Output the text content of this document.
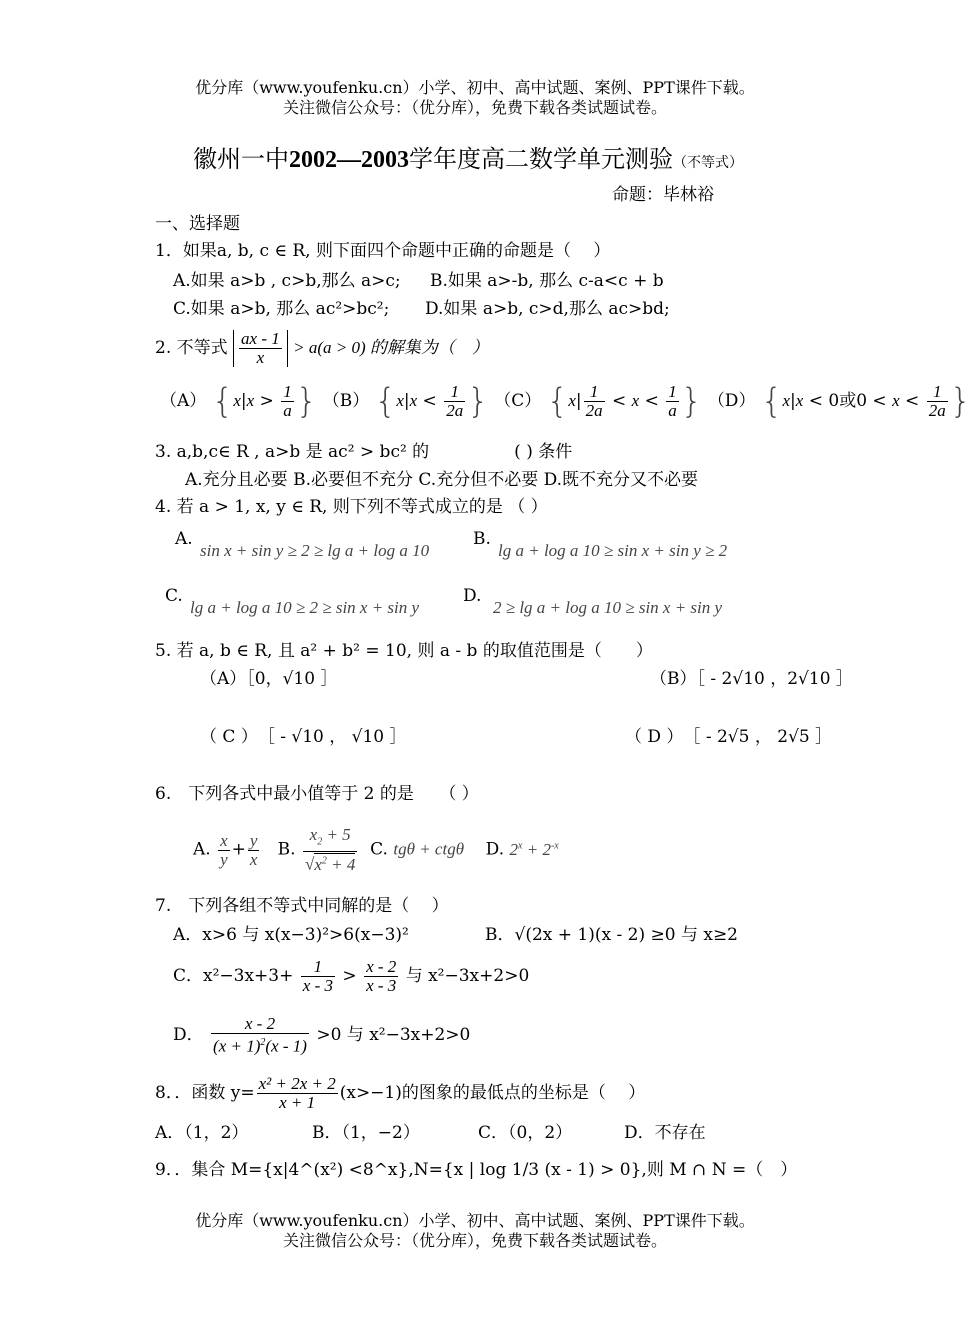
优分库（www.youfenku.cn）小学、初中、高中试题、案例、PPT课件下载。
关注微信公众号：（优分库），免费下载各类试题试卷。
徽州一中2002—2003学年度高二数学单元测验（不等式）
命题：毕林裕
一、选择题
1．如果a, b, c ∈ R, 则下面四个命题中正确的命题是（　 ）
A.如果 a>b , c>b,那么 a>c; B.如果 a>-b, 那么 c-a<c + b
C.如果 a>b, 那么 ac²>bc²; D.如果 a>b, c>d,那么 ac>bd;
2. 不等式 $\frac{ax - 1}{x} > a(a > 0)$ 的解集为（　）
（A） {$x|x > \frac{1}{a}$ } （B） {$x|x < \frac{1}{2a}$ } （C） {$x| \frac{1}{2a} < x < \frac{1}{a}$ } （D） {x|x < 0或$0 < x < \frac{1}{2a}$ }
3. a,b,c∈ R , a>b 是 ac² > bc² 的　　　　　( ) 条件
A.充分且必要 B.必要但不充分 C.充分但不必要 D.既不充分又不必要
4. 若 a > 1, x, y ∈ R, 则下列不等式成立的是 （ ）
A.
sin x + sin y ≥ 2 ≥ lg a + log a 10
B.
lg a + log a 10 ≥ sin x + sin y ≥ 2
C.
lg a + log a 10 ≥ 2 ≥ sin x + sin y
D.
2 ≥ lg a + log a 10 ≥ sin x + sin y
5. 若 a, b ∈ R, 且 a² + b² = 10, 则 a - b 的取值范围是（　　）
（A）［0，√10 ］	（B）［ - 2√10 ，2√10 ］
（ C ）　［ - √10 ， √10 ］	（ D ）　［ - 2√5 ， 2√5 ］
6.　下列各式中最小值等于 2 的是　　（ ）
A. $\frac{x}{y} + \frac{y}{x} B$. $\frac{x_2 + 5}{√x^2 + 4} C$. tgθ + ctgθ D. $2^x + 2^{-x}$
7.　下列各组不等式中同解的是（　 ）
A．x>6 与 x(x−3)²>6(x−3)²	B．√(2x + 1)(x - 2) ≥0 与 x≥2
C．$x^2-3x+3+ \frac{1}{x - 3} > \frac{x - 2}{x - 3}$ 与 x²−3x+2>0
D． $\frac{x - 2}{(x + 1)^2(x - 1)} >0$ 与 x²−3x+2>0
8．．函数 $y= \frac{\text{x² + 2x + 2}}{x + 1} (x>-1)$的图象的最低点的坐标是（　 ）
A．（1，2）	B．（1，−2）	C．（0，2）	D．不存在
9．．集合 M={x|4^(x²) <8^x},N={x | log 1/3 (x - 1) > 0},则 M ∩ N =（　）
优分库（www.youfenku.cn）小学、初中、高中试题、案例、PPT课件下载。
关注微信公众号：（优分库），免费下载各类试题试卷。
